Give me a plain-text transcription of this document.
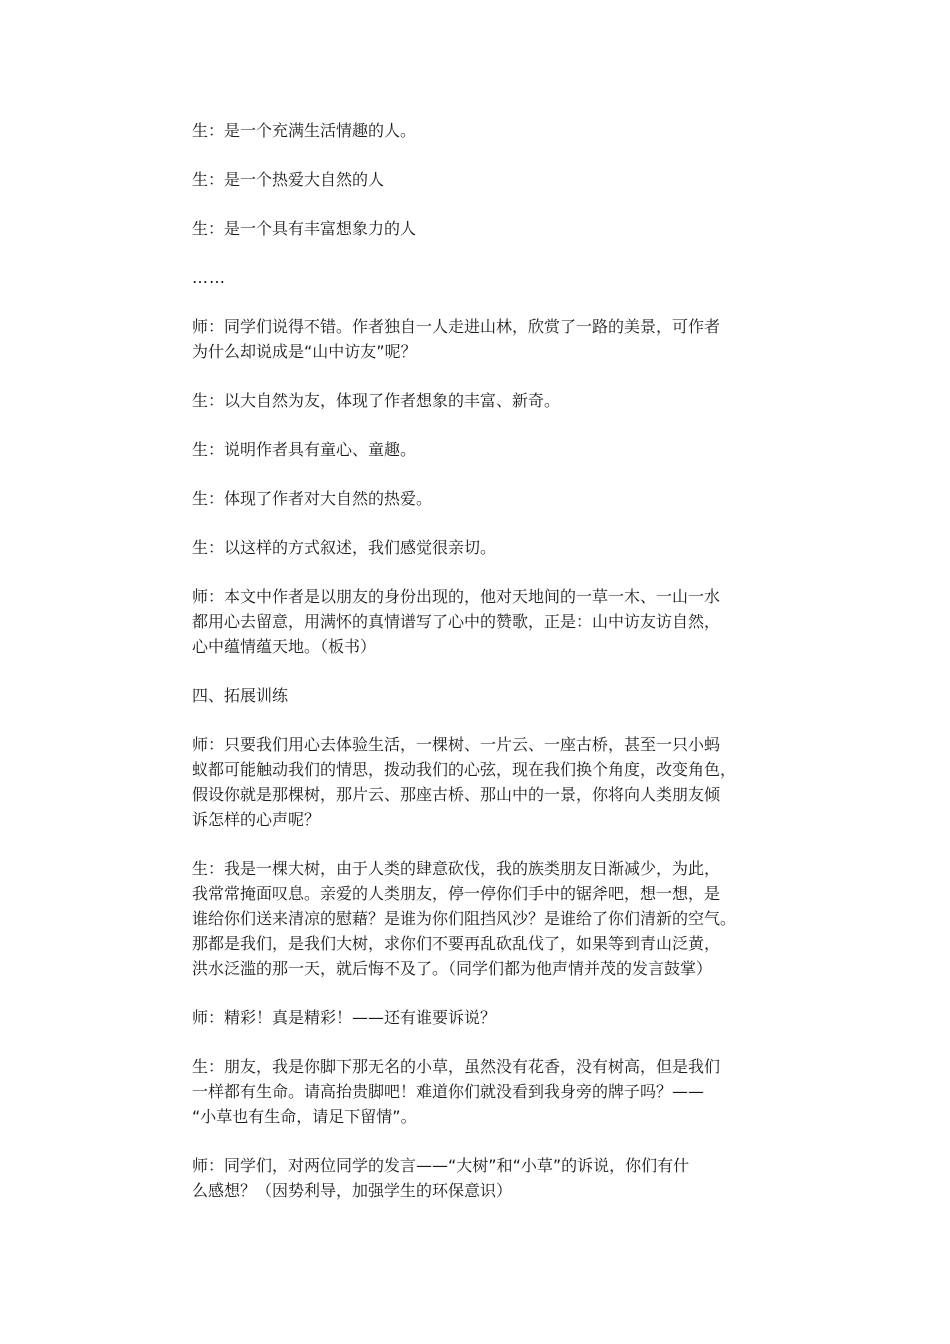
生：是一个充满生活情趣的人。

生：是一个热爱大自然的人

生：是一个具有丰富想象力的人

……

师：同学们说得不错。作者独自一人走进山林，欣赏了一路的美景，可作者
为什么却说成是“山中访友”呢？

生：以大自然为友，体现了作者想象的丰富、新奇。

生：说明作者具有童心、童趣。

生：体现了作者对大自然的热爱。

生：以这样的方式叙述，我们感觉很亲切。

师：本文中作者是以朋友的身份出现的，他对天地间的一草一木、一山一水
都用心去留意，用满怀的真情谱写了心中的赞歌，正是：山中访友访自然，
心中蕴情蕴天地。（板书）

四、拓展训练

师：只要我们用心去体验生活，一棵树、一片云、一座古桥，甚至一只小蚂
蚁都可能触动我们的情思，拨动我们的心弦，现在我们换个角度，改变角色，
假设你就是那棵树，那片云、那座古桥、那山中的一景，你将向人类朋友倾
诉怎样的心声呢？

生：我是一棵大树，由于人类的肆意砍伐，我的族类朋友日渐减少，为此，
我常常掩面叹息。亲爱的人类朋友，停一停你们手中的锯斧吧，想一想，是
谁给你们送来清凉的慰藉？是谁为你们阻挡风沙？是谁给了你们清新的空气。
那都是我们，是我们大树，求你们不要再乱砍乱伐了，如果等到青山泛黄，
洪水泛滥的那一天，就后悔不及了。（同学们都为他声情并茂的发言鼓掌）

师：精彩！真是精彩！——还有谁要诉说？

生：朋友，我是你脚下那无名的小草，虽然没有花香，没有树高，但是我们
一样都有生命。请高抬贵脚吧！难道你们就没看到我身旁的牌子吗？——
“小草也有生命，请足下留情”。

师：同学们，对两位同学的发言——“大树”和“小草”的诉说，你们有什
么感想？（因势利导，加强学生的环保意识）
